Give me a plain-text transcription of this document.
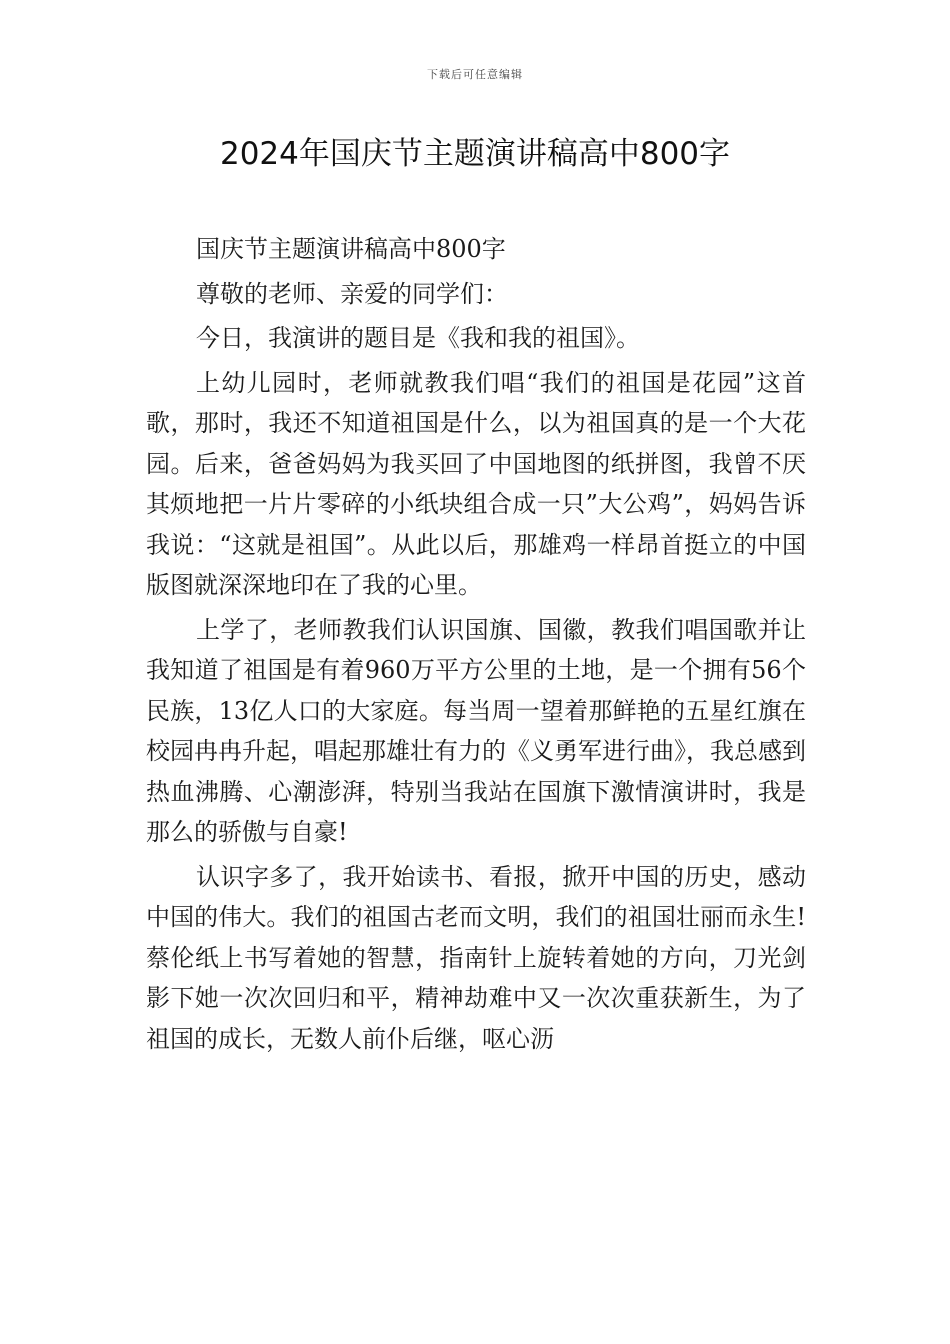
下载后可任意编辑
2024年国庆节主题演讲稿高中800字

国庆节主题演讲稿高中800字

尊敬的老师、亲爱的同学们：

今日，我演讲的题目是《我和我的祖国》。

上幼儿园时，老师就教我们唱“我们的祖国是花园”这首歌，那时，我还不知道祖国是什么，以为祖国真的是一个大花园。后来，爸爸妈妈为我买回了中国地图的纸拼图，我曾不厌其烦地把一片片零碎的小纸块组合成一只”大公鸡”，妈妈告诉我说：“这就是祖国”。从此以后，那雄鸡一样昂首挺立的中国版图就深深地印在了我的心里。

上学了，老师教我们认识国旗、国徽，教我们唱国歌并让我知道了祖国是有着960万平方公里的土地，是一个拥有56个民族，13亿人口的大家庭。每当周一望着那鲜艳的五星红旗在校园冉冉升起，唱起那雄壮有力的《义勇军进行曲》，我总感到热血沸腾、心潮澎湃，特别当我站在国旗下激情演讲时，我是那么的骄傲与自豪!

认识字多了，我开始读书、看报，掀开中国的历史，感动中国的伟大。我们的祖国古老而文明，我们的祖国壮丽而永生!蔡伦纸上书写着她的智慧，指南针上旋转着她的方向，刀光剑影下她一次次回归和平，精神劫难中又一次次重获新生，为了祖国的成长，无数人前仆后继，呕心沥
